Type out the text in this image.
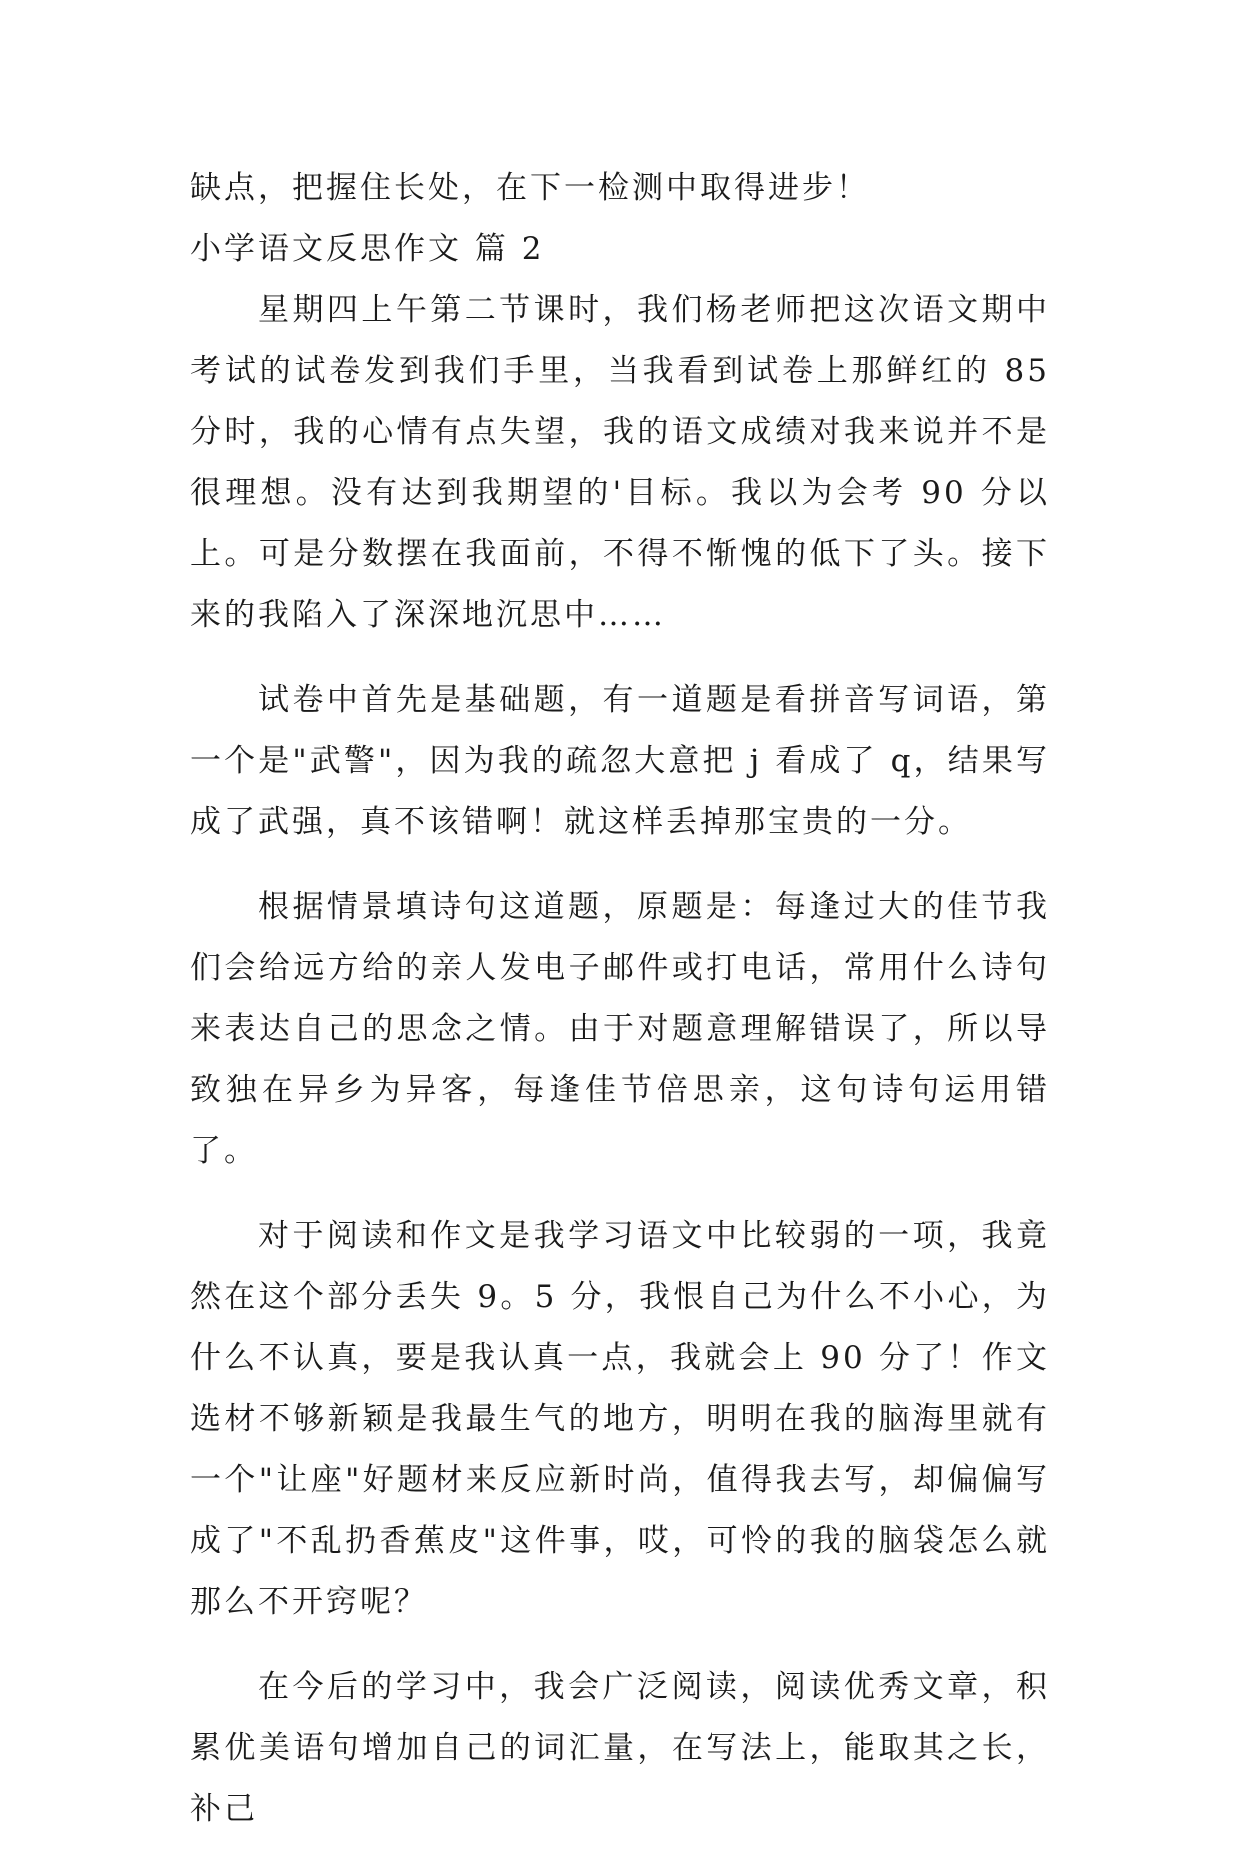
缺点，把握住长处，在下一检测中取得进步！

小学语文反思作文 篇 2

星期四上午第二节课时，我们杨老师把这次语文期中考试的试卷发到我们手里，当我看到试卷上那鲜红的 85 分时，我的心情有点失望，我的语文成绩对我来说并不是很理想。没有达到我期望的'目标。我以为会考 90 分以上。可是分数摆在我面前，不得不惭愧的低下了头。接下来的我陷入了深深地沉思中……

试卷中首先是基础题，有一道题是看拼音写词语，第一个是"武警"，因为我的疏忽大意把 j 看成了 q，结果写成了武强，真不该错啊！就这样丢掉那宝贵的一分。

根据情景填诗句这道题，原题是：每逢过大的佳节我们会给远方给的亲人发电子邮件或打电话，常用什么诗句来表达自己的思念之情。由于对题意理解错误了，所以导致独在异乡为异客，每逢佳节倍思亲，这句诗句运用错了。

对于阅读和作文是我学习语文中比较弱的一项，我竟然在这个部分丢失 9。5 分，我恨自己为什么不小心，为什么不认真，要是我认真一点，我就会上 90 分了！作文选材不够新颖是我最生气的地方，明明在我的脑海里就有一个"让座"好题材来反应新时尚，值得我去写，却偏偏写成了"不乱扔香蕉皮"这件事，哎，可怜的我的脑袋怎么就那么不开窍呢？

在今后的学习中，我会广泛阅读，阅读优秀文章，积累优美语句增加自己的词汇量，在写法上，能取其之长，补己
